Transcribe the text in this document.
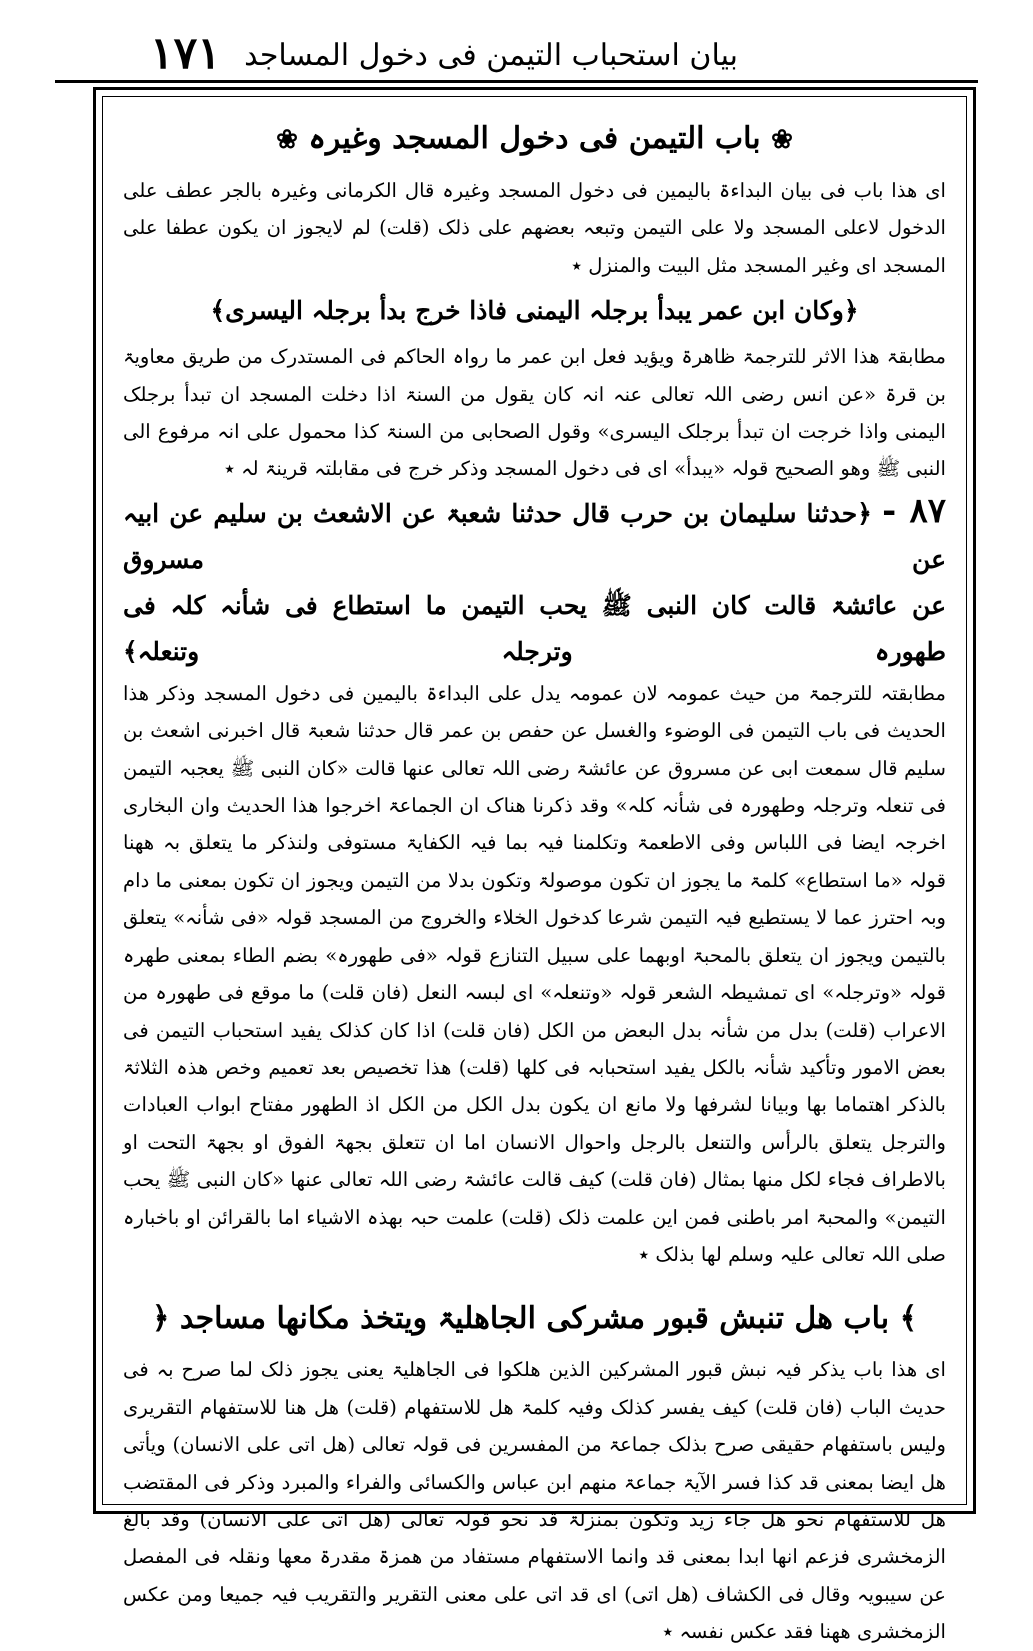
۱۷۱ بیان استحباب التیمن فی دخول المساجد
❀ باب التیمن فی دخول المسجد وغیرہ ❀
ای ھذا باب فی بیان البداءۃ بالیمین فی دخول المسجد وغیرہ قال الکرمانی وغیرہ بالجر عطف علی الدخول لاعلی المسجد ولا علی التیمن وتبعہ بعضھم علی ذلک (قلت) لم لایجوز ان یکون عطفا علی المسجد ای وغیر المسجد مثل البیت والمنزل ٭
﴿وکان ابن عمر یبدأ برجلہ الیمنی فاذا خرج بدأ برجلہ الیسری﴾
مطابقۃ ھذا الاثر للترجمۃ ظاھرۃ ویؤید فعل ابن عمر ما رواہ الحاکم فی المستدرک من طریق معاویۃ بن قرۃ «عن انس رضی اللہ تعالی عنہ انہ کان یقول من السنۃ اذا دخلت المسجد ان تبدأ برجلک الیمنی واذا خرجت ان تبدأ برجلک الیسری» وقول الصحابی من السنۃ کذا محمول علی انہ مرفوع الی النبی ﷺ وھو الصحیح قولہ «یبدأ» ای فی دخول المسجد وذکر خرج فی مقابلتہ قرینۃ لہ ٭
۸۷ - ﴿حدثنا سلیمان بن حرب قال حدثنا شعبۃ عن الاشعث بن سلیم عن ابیہ عن مسروق
عن عائشۃ قالت کان النبی ﷺ یحب التیمن ما استطاع فی شأنہ کلہ فی طھورہ وترجلہ وتنعلہ﴾
مطابقتہ للترجمۃ من حیث عمومہ لان عمومہ یدل علی البداءۃ بالیمین فی دخول المسجد وذکر ھذا الحدیث فی باب التیمن فی الوضوء والغسل عن حفص بن عمر قال حدثنا شعبۃ قال اخبرنی اشعث بن سلیم قال سمعت ابی عن مسروق عن عائشۃ رضی اللہ تعالی عنھا قالت «کان النبی ﷺ یعجبہ التیمن فی تنعلہ وترجلہ وطھورہ فی شأنہ کلہ» وقد ذکرنا ھناک ان الجماعۃ اخرجوا ھذا الحدیث وان البخاری اخرجہ ایضا فی اللباس وفی الاطعمۃ وتکلمنا فیہ بما فیہ الکفایۃ مستوفی ولنذکر ما یتعلق بہ ھھنا قولہ «ما استطاع» کلمۃ ما یجوز ان تکون موصولۃ وتکون بدلا من التیمن ویجوز ان تکون بمعنی ما دام وبہ احترز عما لا یستطیع فیہ التیمن شرعا کدخول الخلاء والخروج من المسجد قولہ «فی شأنہ» یتعلق بالتیمن ویجوز ان یتعلق بالمحبۃ اوبھما علی سبیل التنازع قولہ «فی طھورہ» بضم الطاء بمعنی طھرہ قولہ «وترجلہ» ای تمشیطہ الشعر قولہ «وتنعلہ» ای لبسہ النعل (فان قلت) ما موقع فی طھورہ من الاعراب (قلت) بدل من شأنہ بدل البعض من الکل (فان قلت) اذا کان کذلک یفید استحباب التیمن فی بعض الامور وتأکید شأنہ بالکل یفید استحبابہ فی کلھا (قلت) ھذا تخصیص بعد تعمیم وخص ھذہ الثلاثۃ بالذکر اھتماما بھا وبیانا لشرفھا ولا مانع ان یکون بدل الکل من الکل اذ الطھور مفتاح ابواب العبادات والترجل یتعلق بالرأس والتنعل بالرجل واحوال الانسان اما ان تتعلق بجھۃ الفوق او بجھۃ التحت او بالاطراف فجاء لکل منھا بمثال (فان قلت) کیف قالت عائشۃ رضی اللہ تعالی عنھا «کان النبی ﷺ یحب التیمن» والمحبۃ امر باطنی فمن این علمت ذلک (قلت) علمت حبہ بھذہ الاشیاء اما بالقرائن او باخبارہ صلی اللہ تعالی علیہ وسلم لھا بذلک ٭
﴾ باب ھل تنبش قبور مشرکی الجاھلیۃ ویتخذ مکانھا مساجد ﴿
ای ھذا باب یذکر فیہ نبش قبور المشرکین الذین ھلکوا فی الجاھلیۃ یعنی یجوز ذلک لما صرح بہ فی حدیث الباب (فان قلت) کیف یفسر کذلک وفیہ کلمۃ ھل للاستفھام (قلت) ھل ھنا للاستفھام التقریری ولیس باستفھام حقیقی صرح بذلک جماعۃ من المفسرین فی قولہ تعالی (ھل اتی علی الانسان) ویأتی ھل ایضا بمعنی قد کذا فسر الآیۃ جماعۃ منھم ابن عباس والکسائی والفراء والمبرد وذکر فی المقتضب ھل للاستفھام نحو ھل جاء زید وتکون بمنزلۃ قد نحو قولہ تعالی (ھل اتی علی الانسان) وقد بالغ الزمخشری فزعم انھا ابدا بمعنی قد وانما الاستفھام مستفاد من ھمزۃ مقدرۃ معھا ونقلہ فی المفصل عن سیبویہ وقال فی الکشاف (ھل اتی) ای قد اتی علی معنی التقریر والتقریب فیہ جمیعا ومن عکس الزمخشری ھھنا فقد عکس نفسہ ٭
